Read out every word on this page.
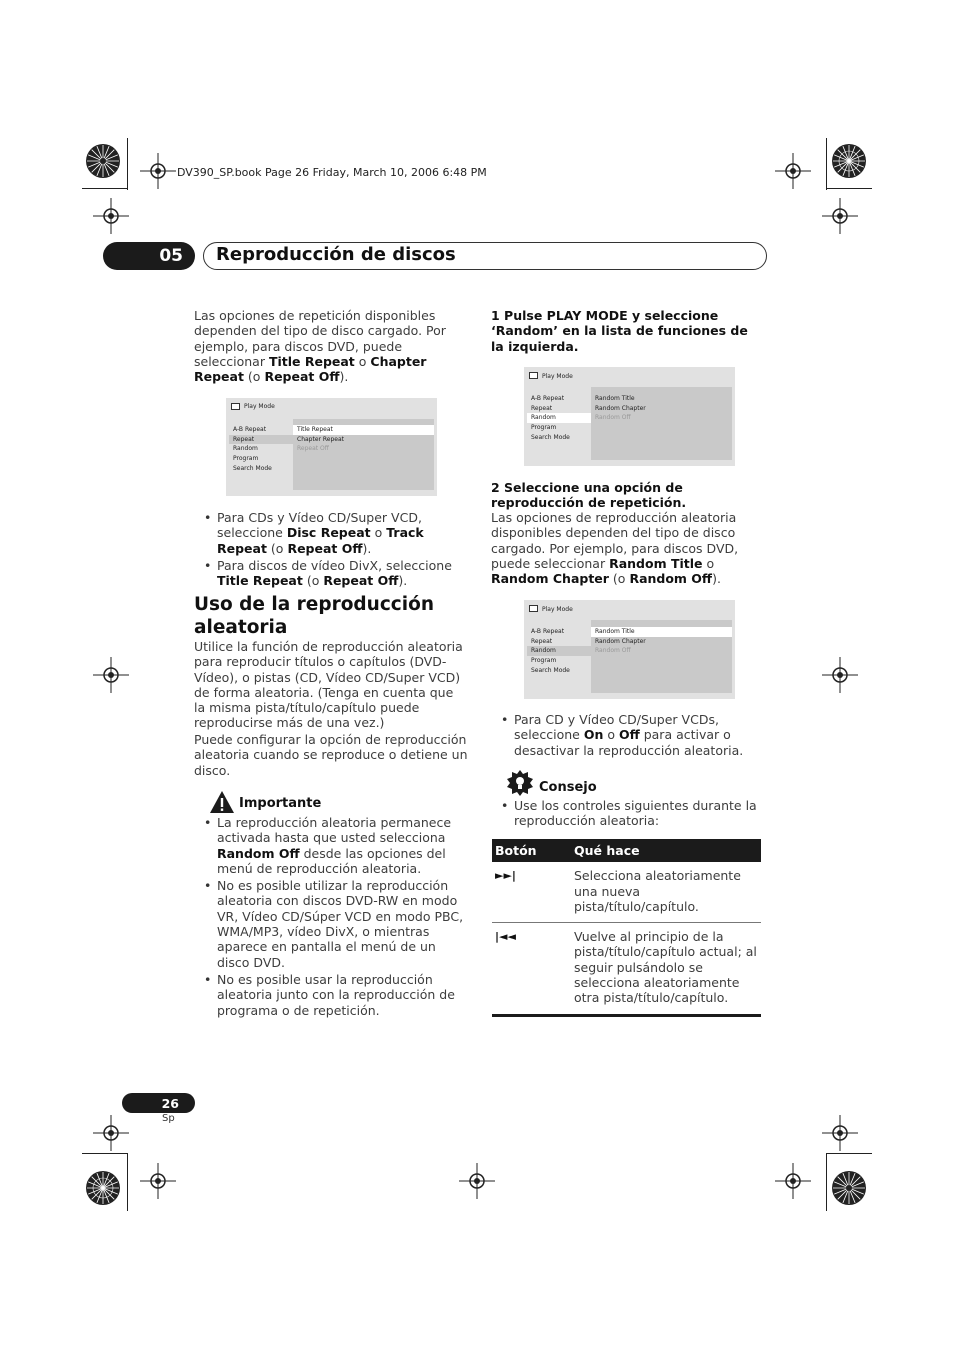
DV390_SP.book Page 26 Friday, March 10, 2006 6:48 PM
05	Reproducción de discos
Las opciones de repetición disponibles dependen del tipo de disco cargado. Por ejemplo, para discos DVD, puede seleccionar Title Repeat o Chapter Repeat (o Repeat Off).
Play Mode
A-B Repeat
Repeat
Random
Program
Search Mode
Title Repeat
Chapter Repeat
Repeat Off
• Para CDs y Vídeo CD/Super VCD, seleccione Disc Repeat o Track Repeat (o Repeat Off).
• Para discos de vídeo DivX, seleccione Title Repeat (o Repeat Off).
Uso de la reproducción aleatoria
Utilice la función de reproducción aleatoria para reproducir títulos o capítulos (DVD-Vídeo), o pistas (CD, Vídeo CD/Super VCD) de forma aleatoria. (Tenga en cuenta que la misma pista/título/capítulo puede reproducirse más de una vez.)
Puede configurar la opción de reproducción aleatoria cuando se reproduce o detiene un disco.
Importante
• La reproducción aleatoria permanece activada hasta que usted selecciona Random Off desde las opciones del menú de reproducción aleatoria.
• No es posible utilizar la reproducción aleatoria con discos DVD-RW en modo VR, Vídeo CD/Súper VCD en modo PBC, WMA/MP3, vídeo DivX, o mientras aparece en pantalla el menú de un disco DVD.
• No es posible usar la reproducción aleatoria junto con la reproducción de programa o de repetición.
1 Pulse PLAY MODE y seleccione ‘Random’ en la lista de funciones de la izquierda.
Play Mode
A-B Repeat
Repeat
Random
Program
Search Mode
Random Title
Random Chapter
Random Off
2 Seleccione una opción de reproducción de repetición.
Las opciones de reproducción aleatoria disponibles dependen del tipo de disco cargado. Por ejemplo, para discos DVD, puede seleccionar Random Title o Random Chapter (o Random Off).
Play Mode
A-B Repeat
Repeat
Random
Program
Search Mode
Random Title
Random Chapter
Random Off
• Para CD y Vídeo CD/Super VCDs, seleccione On o Off para activar o desactivar la reproducción aleatoria.
Consejo
• Use los controles siguientes durante la reproducción aleatoria:
Botón	Qué hace
►►|	Selecciona aleatoriamente una nueva pista/título/capítulo.
|◄◄	Vuelve al principio de la pista/título/capítulo actual; al seguir pulsándolo se selecciona aleatoriamente otra pista/título/capítulo.
26
Sp
